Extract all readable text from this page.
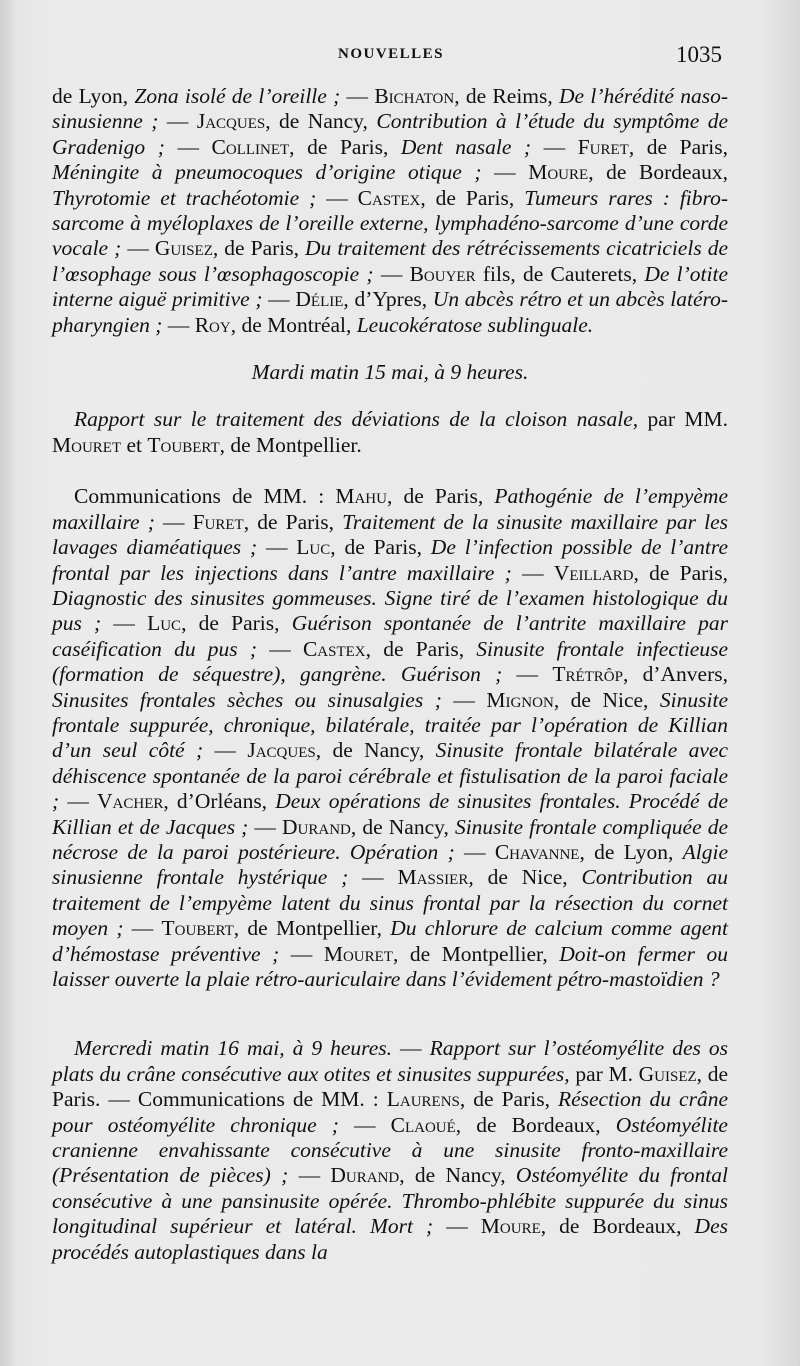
NOUVELLES	1035

de Lyon, Zona isolé de l’oreille ; — Bichaton, de Reims, De l’hérédité naso-sinusienne ; — Jacques, de Nancy, Contribution à l’étude du symptôme de Gradenigo ; — Collinet, de Paris, Dent nasale ; — Furet, de Paris, Méningite à pneumocoques d’origine otique ; — Moure, de Bordeaux, Thyrotomie et trachéotomie ; — Castex, de Paris, Tumeurs rares : fibro-sarcome à myéloplaxes de l’oreille externe, lymphadéno-sarcome d’une corde vocale ; — Guisez, de Paris, Du traitement des rétrécissements cicatriciels de l’œsophage sous l’œsophagoscopie ; — Bouyer fils, de Cauterets, De l’otite interne aiguë primitive ; — Délie, d’Ypres, Un abcès rétro et un abcès latéro-pharyngien ; — Roy, de Montréal, Leucokératose sublinguale.

Mardi matin 15 mai, à 9 heures.

Rapport sur le traitement des déviations de la cloison nasale, par MM. Mouret et Toubert, de Montpellier.

Communications de MM. : Mahu, de Paris, Pathogénie de l’empyème maxillaire ; — Furet, de Paris, Traitement de la sinusite maxillaire par les lavages diaméatiques ; — Luc, de Paris, De l’infection possible de l’antre frontal par les injections dans l’antre maxillaire ; — Veillard, de Paris, Diagnostic des sinusites gommeuses. Signe tiré de l’examen histologique du pus ; — Luc, de Paris, Guérison spontanée de l’antrite maxillaire par caséification du pus ; — Castex, de Paris, Sinusite frontale infectieuse (formation de séquestre), gangrène. Guérison ; — Trétrôp, d’Anvers, Sinusites frontales sèches ou sinusalgies ; — Mignon, de Nice, Sinusite frontale suppurée, chronique, bilatérale, traitée par l’opération de Killian d’un seul côté ; — Jacques, de Nancy, Sinusite frontale bilatérale avec déhiscence spontanée de la paroi cérébrale et fistulisation de la paroi faciale ; — Vacher, d’Orléans, Deux opérations de sinusites frontales. Procédé de Killian et de Jacques ; — Durand, de Nancy, Sinusite frontale compliquée de nécrose de la paroi postérieure. Opération ; — Chavanne, de Lyon, Algie sinusienne frontale hystérique ; — Massier, de Nice, Contribution au traitement de l’empyème latent du sinus frontal par la résection du cornet moyen ; — Toubert, de Montpellier, Du chlorure de calcium comme agent d’hémostase préventive ; — Mouret, de Montpellier, Doit-on fermer ou laisser ouverte la plaie rétro-auriculaire dans l’évidement pétro-mastoïdien ?

Mercredi matin 16 mai, à 9 heures. — Rapport sur l’ostéomyélite des os plats du crâne consécutive aux otites et sinusites suppurées, par M. Guisez, de Paris. — Communications de MM. : Laurens, de Paris, Résection du crâne pour ostéomyélite chronique ; — Claoué, de Bordeaux, Ostéomyélite cranienne envahissante consécutive à une sinusite fronto-maxillaire (Présentation de pièces) ; — Durand, de Nancy, Ostéomyélite du frontal consécutive à une pansinusite opérée. Thrombo-phlébite suppurée du sinus longitudinal supérieur et latéral. Mort ; — Moure, de Bordeaux, Des procédés autoplastiques dans la
